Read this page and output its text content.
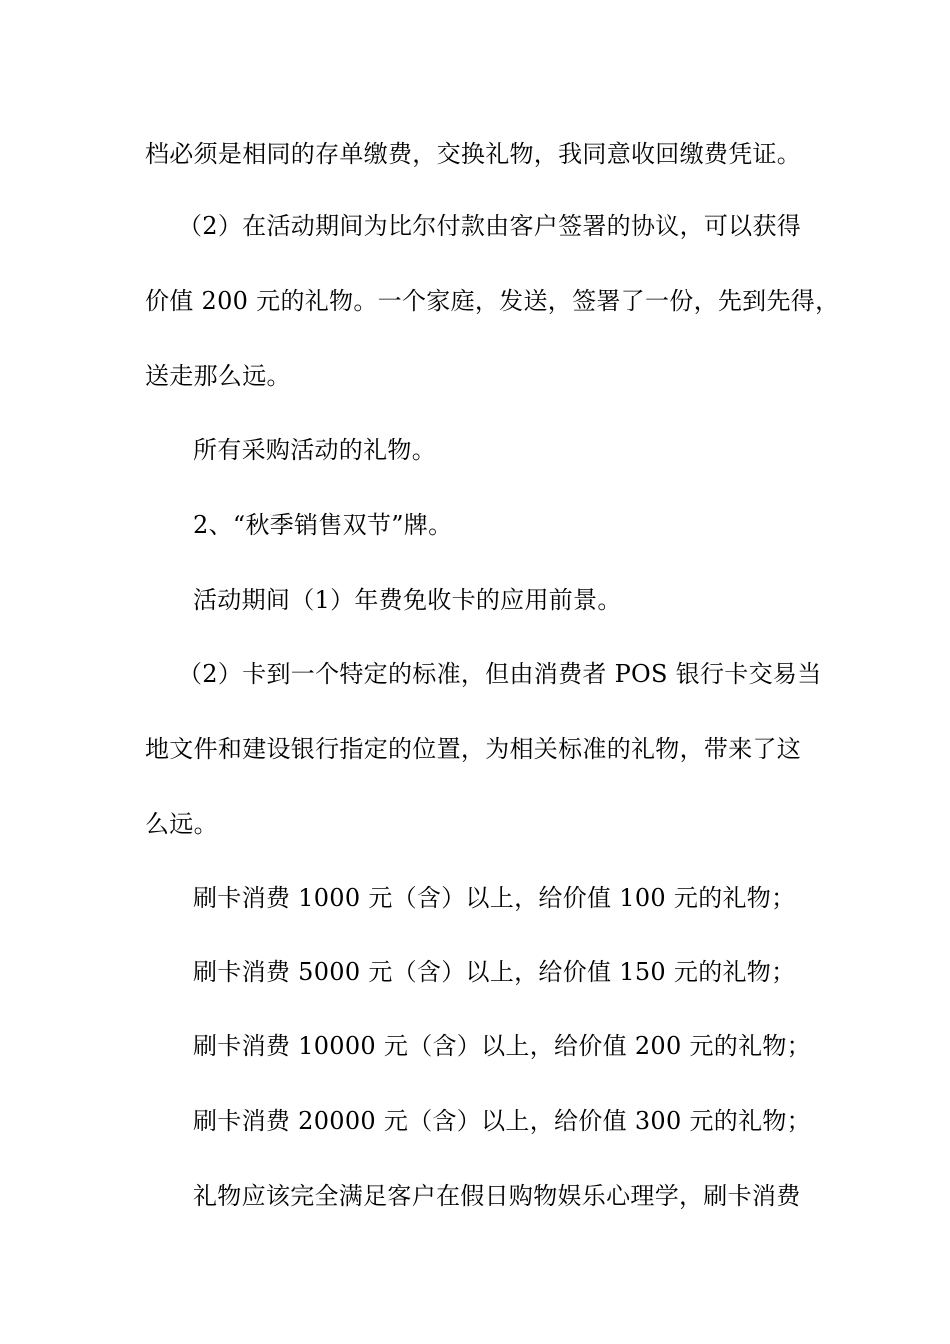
档必须是相同的存单缴费，交换礼物，我同意收回缴费凭证。
（2）在活动期间为比尔付款由客户签署的协议，可以获得
价值 200 元的礼物。一个家庭，发送，签署了一份，先到先得，
送走那么远。
所有采购活动的礼物。
2、“秋季销售双节”牌。
活动期间（1）年费免收卡的应用前景。
（2）卡到一个特定的标准，但由消费者 POS 银行卡交易当
地文件和建设银行指定的位置，为相关标准的礼物，带来了这
么远。
刷卡消费 1000 元（含）以上，给价值 100 元的礼物；
刷卡消费 5000 元（含）以上，给价值 150 元的礼物；
刷卡消费 10000 元（含）以上，给价值 200 元的礼物；
刷卡消费 20000 元（含）以上，给价值 300 元的礼物；
礼物应该完全满足客户在假日购物娱乐心理学，刷卡消费
